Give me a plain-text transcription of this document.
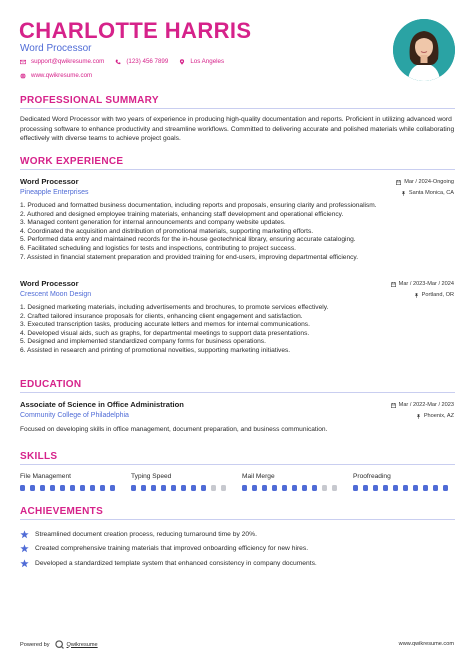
CHARLOTTE HARRIS
Word Processor
support@qwikresume.com	(123) 456 7899	Los Angeles
www.qwikresume.com
PROFESSIONAL SUMMARY
Dedicated Word Processor with two years of experience in producing high-quality documentation and reports. Proficient in utilizing advanced word processing software to enhance productivity and streamline workflows. Committed to delivering accurate and polished materials while collaborating effectively with diverse teams to achieve project goals.
WORK EXPERIENCE
Word Processor
Pineapple Enterprises
Mar / 2024-Ongoing
Santa Monica, CA
1. Produced and formatted business documentation, including reports and proposals, ensuring clarity and professionalism.
2. Authored and designed employee training materials, enhancing staff development and operational efficiency.
3. Managed content generation for internal announcements and company website updates.
4. Coordinated the acquisition and distribution of promotional materials, supporting marketing efforts.
5. Performed data entry and maintained records for the in-house geotechnical library, ensuring accurate cataloging.
6. Facilitated scheduling and logistics for tests and inspections, contributing to project success.
7. Assisted in financial statement preparation and provided training for end-users, improving departmental efficiency.
Word Processor
Crescent Moon Design
Mar / 2023-Mar / 2024
Portland, OR
1. Designed marketing materials, including advertisements and brochures, to promote services effectively.
2. Crafted tailored insurance proposals for clients, enhancing client engagement and satisfaction.
3. Executed transcription tasks, producing accurate letters and memos for internal communications.
4. Developed visual aids, such as graphs, for departmental meetings to support data presentations.
5. Designed and implemented standardized company forms for business operations.
6. Assisted in research and printing of promotional novelties, supporting marketing initiatives.
EDUCATION
Associate of Science in Office Administration
Community College of Philadelphia
Mar / 2022-Mar / 2023
Phoenix, AZ
Focused on developing skills in office management, document preparation, and business communication.
SKILLS
File Management	Typing Speed	Mail Merge	Proofreading
ACHIEVEMENTS
Streamlined document creation process, reducing turnaround time by 20%.
Created comprehensive training materials that improved onboarding efficiency for new hires.
Developed a standardized template system that enhanced consistency in company documents.
Powered by	Qwikresume	www.qwikresume.com
